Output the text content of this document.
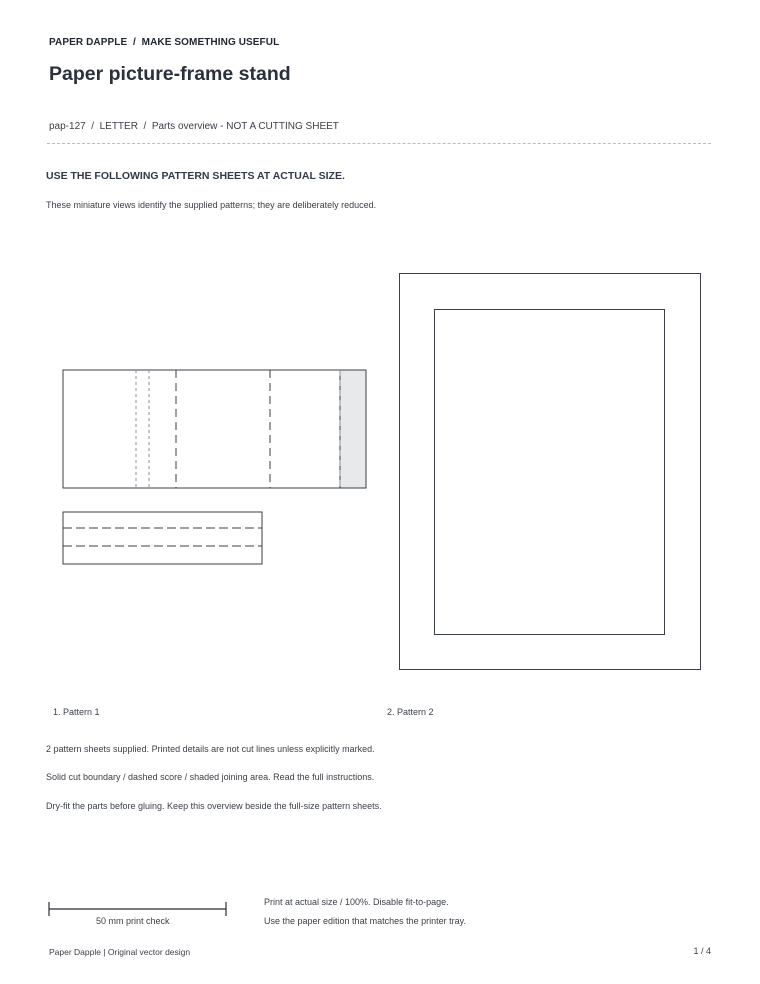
PAPER DAPPLE  /  MAKE SOMETHING USEFUL
Paper picture-frame stand
pap-127  /  LETTER  /  Parts overview - NOT A CUTTING SHEET
USE THE FOLLOWING PATTERN SHEETS AT ACTUAL SIZE.
These miniature views identify the supplied patterns; they are deliberately reduced.
1. Pattern 1	2. Pattern 2
2 pattern sheets supplied. Printed details are not cut lines unless explicitly marked.
Solid cut boundary / dashed score / shaded joining area. Read the full instructions.
Dry-fit the parts before gluing. Keep this overview beside the full-size pattern sheets.
50 mm print check
Print at actual size / 100%. Disable fit-to-page.
Use the paper edition that matches the printer tray.
Paper Dapple | Original vector design	1 / 4
